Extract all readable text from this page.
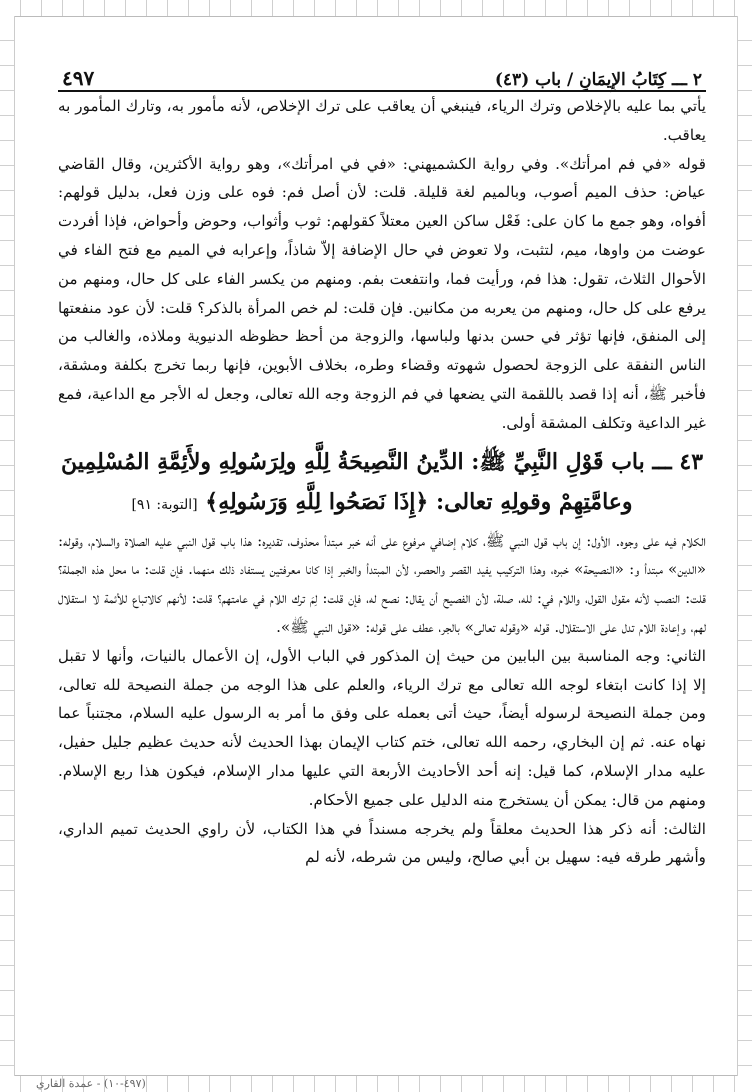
(٤٩٧-١٠) - عمدة القاري
٢ ـــ كِتَابُ الإِيمَانِ / باب (٤٣)
٤٩٧

يأتي بما عليه بالإخلاص وترك الرياء، فينبغي أن يعاقب على ترك الإخلاص، لأنه مأمور به، وتارك المأمور به يعاقب.

قوله «في فم امرأتك». وفي رواية الكشميهني: «في في امرأتك»، وهو رواية الأكثرين، وقال القاضي عياض: حذف الميم أصوب، وبالميم لغة قليلة. قلت: لأن أصل فم: فوه على وزن فعل، بدليل قولهم: أفواه، وهو جمع ما كان على: فَعْل ساكن العين معتلاً كقولهم: ثوب وأثواب، وحوض وأحواض، فإذا أفردت عوضت من واوها، ميم، لتثبت، ولا تعوض في حال الإضافة إلاّ شاذاً، وإعرابه في الميم مع فتح الفاء في الأحوال الثلاث، تقول: هذا فم، ورأيت فما، وانتفعت بفم. ومنهم من يكسر الفاء على كل حال، ومنهم من يرفع على كل حال، ومنهم من يعربه من مكانين. فإن قلت: لم خص المرأة بالذكر؟ قلت: لأن عود منفعتها إلى المنفق، فإنها تؤثر في حسن بدنها ولباسها، والزوجة من أحظ حظوظه الدنيوية وملاذه، والغالب من الناس النفقة على الزوجة لحصول شهوته وقضاء وطره، بخلاف الأبوين، فإنها ربما تخرج بكلفة ومشقة، فأخبر ﷺ، أنه إذا قصد باللقمة التي يضعها في فم الزوجة وجه الله تعالى، وجعل له الأجر مع الداعية، فمع غير الداعية وتكلف المشقة أولى.

٤٣ ـــ باب قَوْلِ النَّبِيِّ ﷺ: الدِّينُ النَّصِيحَةُ لِلَّهِ ولِرَسُولِهِ ولأَئِمَّةِ المُسْلِمِينَ
وعامَّتِهِمْ وقولِهِ تعالى: ﴿إِذَا نَصَحُوا لِلَّهِ وَرَسُولِهِ﴾ [التوبة: ٩١]

الكلام فيه على وجوه. الأول: إن باب قول النبي ﷺ، كلام إضافي مرفوع على أنه خبر مبتدأ محذوف، تقديره: هذا باب قول النبي عليه الصلاة والسلام، وقوله: «الدين» مبتدأ و: «النصيحة» خبره، وهذا التركيب يفيد القصر والحصر، لأن المبتدأ والخبر إذا كانا معرفتين يستفاد ذلك منهما. فإن قلت: ما محل هذه الجملة؟ قلت: النصب لأنه مقول القول، واللام في: لله، صلة، لأن الفصيح أن يقال: نصح له، فإن قلت: لِمَ ترك اللام في عامتهم؟ قلت: لأنهم كالاتباع للأئمة لا استقلال لهم، وإعادة اللام تدل على الاستقلال. قوله «وقوله تعالى» بالجر، عطف على قوله: «قول النبي ﷺ».

الثاني: وجه المناسبة بين البابين من حيث إن المذكور في الباب الأول، إن الأعمال بالنيات، وأنها لا تقبل إلا إذا كانت ابتغاء لوجه الله تعالى مع ترك الرياء، والعلم على هذا الوجه من جملة النصيحة لله تعالى، ومن جملة النصيحة لرسوله أيضاً، حيث أتى بعمله على وفق ما أمر به الرسول عليه السلام، مجتنباً عما نهاه عنه. ثم إن البخاري، رحمه الله تعالى، ختم كتاب الإيمان بهذا الحديث لأنه حديث عظيم جليل حفيل، عليه مدار الإسلام، كما قيل: إنه أحد الأحاديث الأربعة التي عليها مدار الإسلام، فيكون هذا ربع الإسلام. ومنهم من قال: يمكن أن يستخرج منه الدليل على جميع الأحكام.

الثالث: أنه ذكر هذا الحديث معلقاً ولم يخرجه مسنداً في هذا الكتاب، لأن راوي الحديث تميم الداري، وأشهر طرقه فيه: سهيل بن أبي صالح، وليس من شرطه، لأنه لم
